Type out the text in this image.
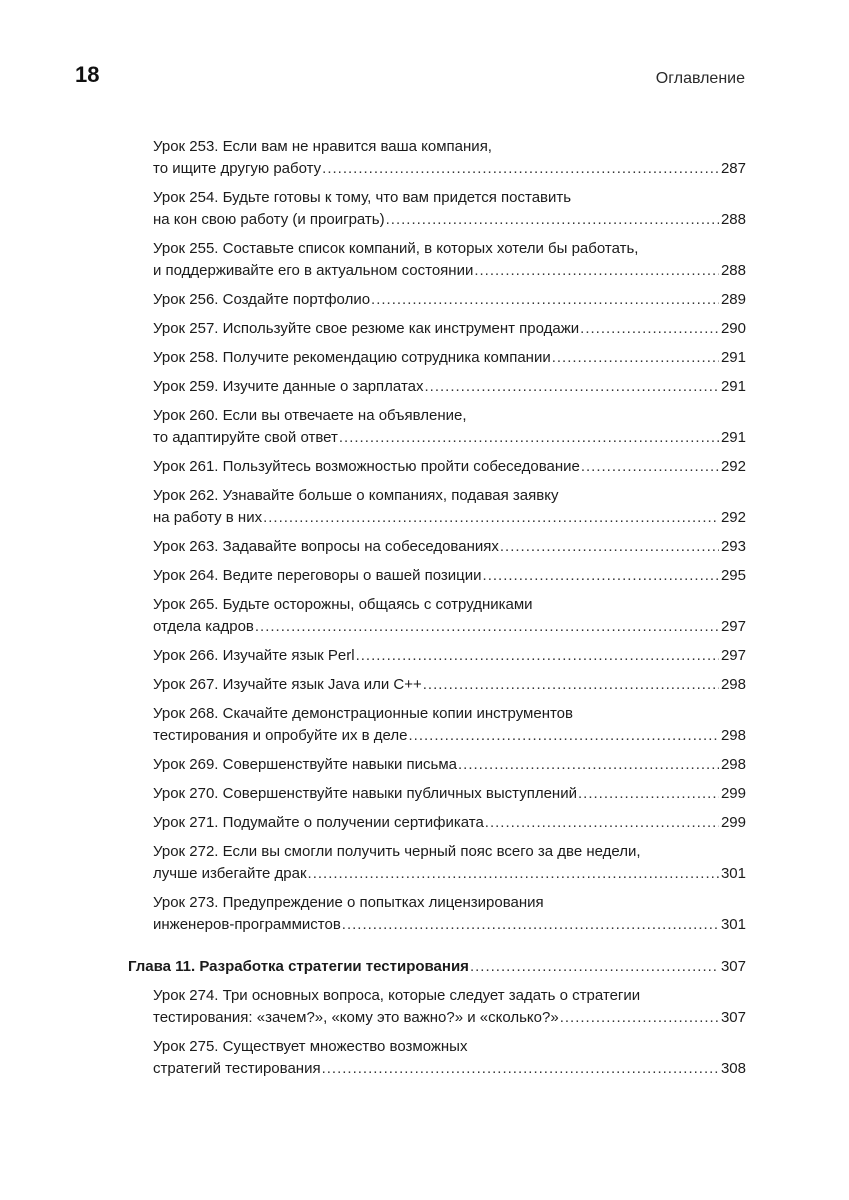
18	Оглавление
Урок 253. Если вам не нравится ваша компания,
то ищите другую работу .....	287
Урок 254. Будьте готовы к тому, что вам придется поставить
на кон свою работу (и проиграть) .....	288
Урок 255. Составьте список компаний, в которых хотели бы работать,
и поддерживайте его в актуальном состоянии .....	288
Урок 256. Создайте портфолио .....	289
Урок 257. Используйте свое резюме как инструмент продажи .....	290
Урок 258. Получите рекомендацию сотрудника компании .....	291
Урок 259. Изучите данные о зарплатах .....	291
Урок 260. Если вы отвечаете на объявление,
то адаптируйте свой ответ .....	291
Урок 261. Пользуйтесь возможностью пройти собеседование .....	292
Урок 262. Узнавайте больше о компаниях, подавая заявку
на работу в них .....	292
Урок 263. Задавайте вопросы на собеседованиях .....	293
Урок 264. Ведите переговоры о вашей позиции .....	295
Урок 265. Будьте осторожны, общаясь с сотрудниками
отдела кадров .....	297
Урок 266. Изучайте язык Perl .....	297
Урок 267. Изучайте язык Java или C++ .....	298
Урок 268. Скачайте демонстрационные копии инструментов
тестирования и опробуйте их в деле .....	298
Урок 269. Совершенствуйте навыки письма .....	298
Урок 270. Совершенствуйте навыки публичных выступлений .....	299
Урок 271. Подумайте о получении сертификата .....	299
Урок 272. Если вы смогли получить черный пояс всего за две недели,
лучше избегайте драк .....	301
Урок 273. Предупреждение о попытках лицензирования
инженеров-программистов .....	301
Глава 11. Разработка стратегии тестирования .....	307
Урок 274. Три основных вопроса, которые следует задать о стратегии
тестирования: «зачем?», «кому это важно?» и «сколько?» .....	307
Урок 275. Существует множество возможных
стратегий тестирования .....	308
